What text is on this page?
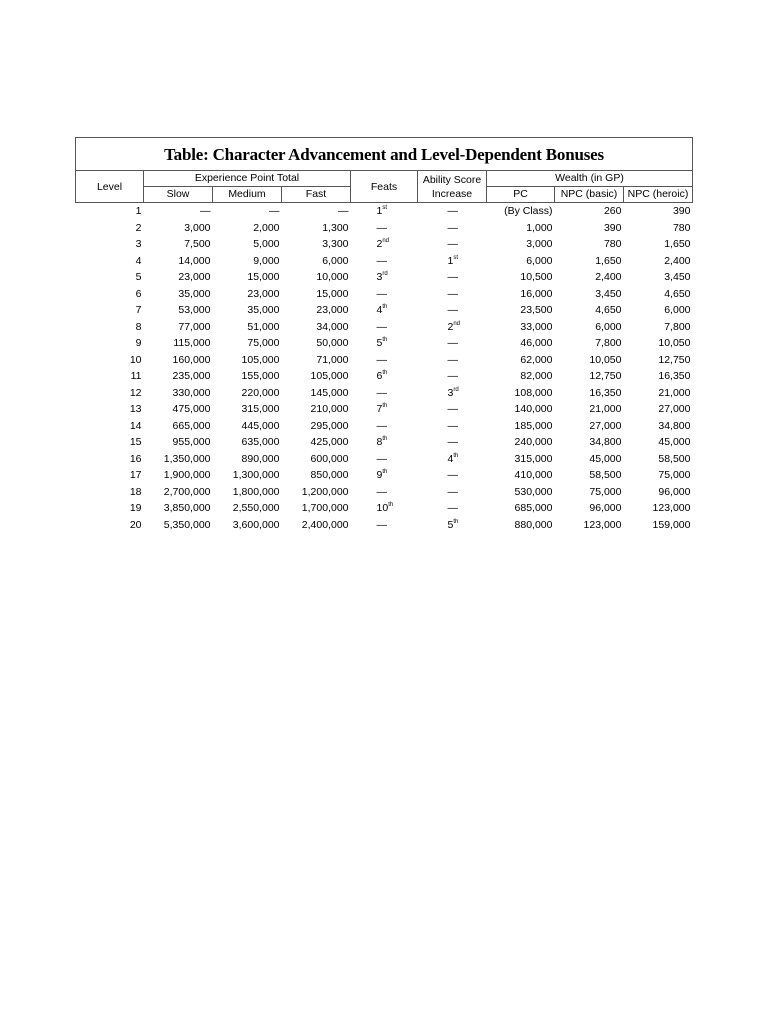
Table: Character Advancement and Level-Dependent Bonuses								
Level	Experience Point Total			Feats	Ability Score
Increase	Wealth (in GP)		
	Slow	Medium	Fast			PC	NPC (basic)	NPC (heroic)
1	—	—	—	1st	—	(By Class)	260	390
2	3,000	2,000	1,300	—	—	1,000	390	780
3	7,500	5,000	3,300	2nd	—	3,000	780	1,650
4	14,000	9,000	6,000	—	1st	6,000	1,650	2,400
5	23,000	15,000	10,000	3rd	—	10,500	2,400	3,450
6	35,000	23,000	15,000	—	—	16,000	3,450	4,650
7	53,000	35,000	23,000	4th	—	23,500	4,650	6,000
8	77,000	51,000	34,000	—	2nd	33,000	6,000	7,800
9	115,000	75,000	50,000	5th	—	46,000	7,800	10,050
10	160,000	105,000	71,000	—	—	62,000	10,050	12,750
11	235,000	155,000	105,000	6th	—	82,000	12,750	16,350
12	330,000	220,000	145,000	—	3rd	108,000	16,350	21,000
13	475,000	315,000	210,000	7th	—	140,000	21,000	27,000
14	665,000	445,000	295,000	—	—	185,000	27,000	34,800
15	955,000	635,000	425,000	8th	—	240,000	34,800	45,000
16	1,350,000	890,000	600,000	—	4th	315,000	45,000	58,500
17	1,900,000	1,300,000	850,000	9th	—	410,000	58,500	75,000
18	2,700,000	1,800,000	1,200,000	—	—	530,000	75,000	96,000
19	3,850,000	2,550,000	1,700,000	10th	—	685,000	96,000	123,000
20	5,350,000	3,600,000	2,400,000	—	5th	880,000	123,000	159,000
